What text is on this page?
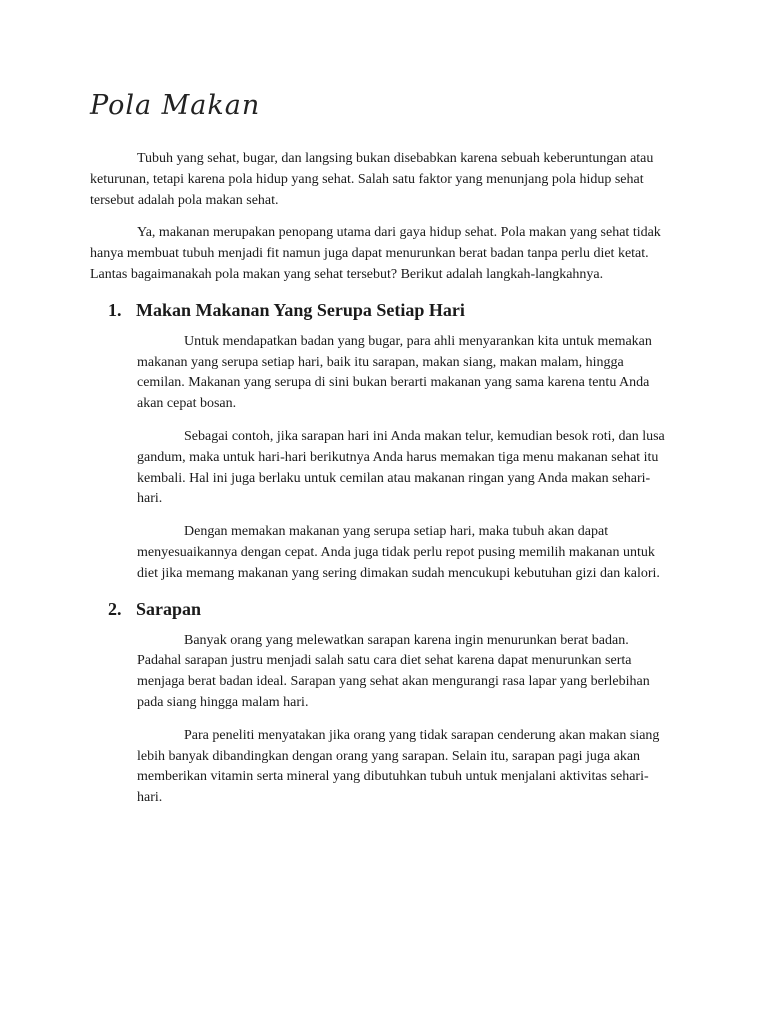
Pola Makan

Tubuh yang sehat, bugar, dan langsing bukan disebabkan karena sebuah keberuntungan atau keturunan, tetapi karena pola hidup yang sehat. Salah satu faktor yang menunjang pola hidup sehat tersebut adalah pola makan sehat.

Ya, makanan merupakan penopang utama dari gaya hidup sehat. Pola makan yang sehat tidak hanya membuat tubuh menjadi fit namun juga dapat menurunkan berat badan tanpa perlu diet ketat. Lantas bagaimanakah pola makan yang sehat tersebut? Berikut adalah langkah-langkahnya.

1. Makan Makanan Yang Serupa Setiap Hari

Untuk mendapatkan badan yang bugar, para ahli menyarankan kita untuk memakan makanan yang serupa setiap hari, baik itu sarapan, makan siang, makan malam, hingga cemilan. Makanan yang serupa di sini bukan berarti makanan yang sama karena tentu Anda akan cepat bosan.

Sebagai contoh, jika sarapan hari ini Anda makan telur, kemudian besok roti, dan lusa gandum, maka untuk hari-hari berikutnya Anda harus memakan tiga menu makanan sehat itu kembali. Hal ini juga berlaku untuk cemilan atau makanan ringan yang Anda makan sehari-hari.

Dengan memakan makanan yang serupa setiap hari, maka tubuh akan dapat menyesuaikannya dengan cepat. Anda juga tidak perlu repot pusing memilih makanan untuk diet jika memang makanan yang sering dimakan sudah mencukupi kebutuhan gizi dan kalori.

2. Sarapan

Banyak orang yang melewatkan sarapan karena ingin menurunkan berat badan. Padahal sarapan justru menjadi salah satu cara diet sehat karena dapat menurunkan serta menjaga berat badan ideal. Sarapan yang sehat akan mengurangi rasa lapar yang berlebihan pada siang hingga malam hari.

Para peneliti menyatakan jika orang yang tidak sarapan cenderung akan makan siang lebih banyak dibandingkan dengan orang yang sarapan. Selain itu, sarapan pagi juga akan memberikan vitamin serta mineral yang dibutuhkan tubuh untuk menjalani aktivitas sehari-hari.
